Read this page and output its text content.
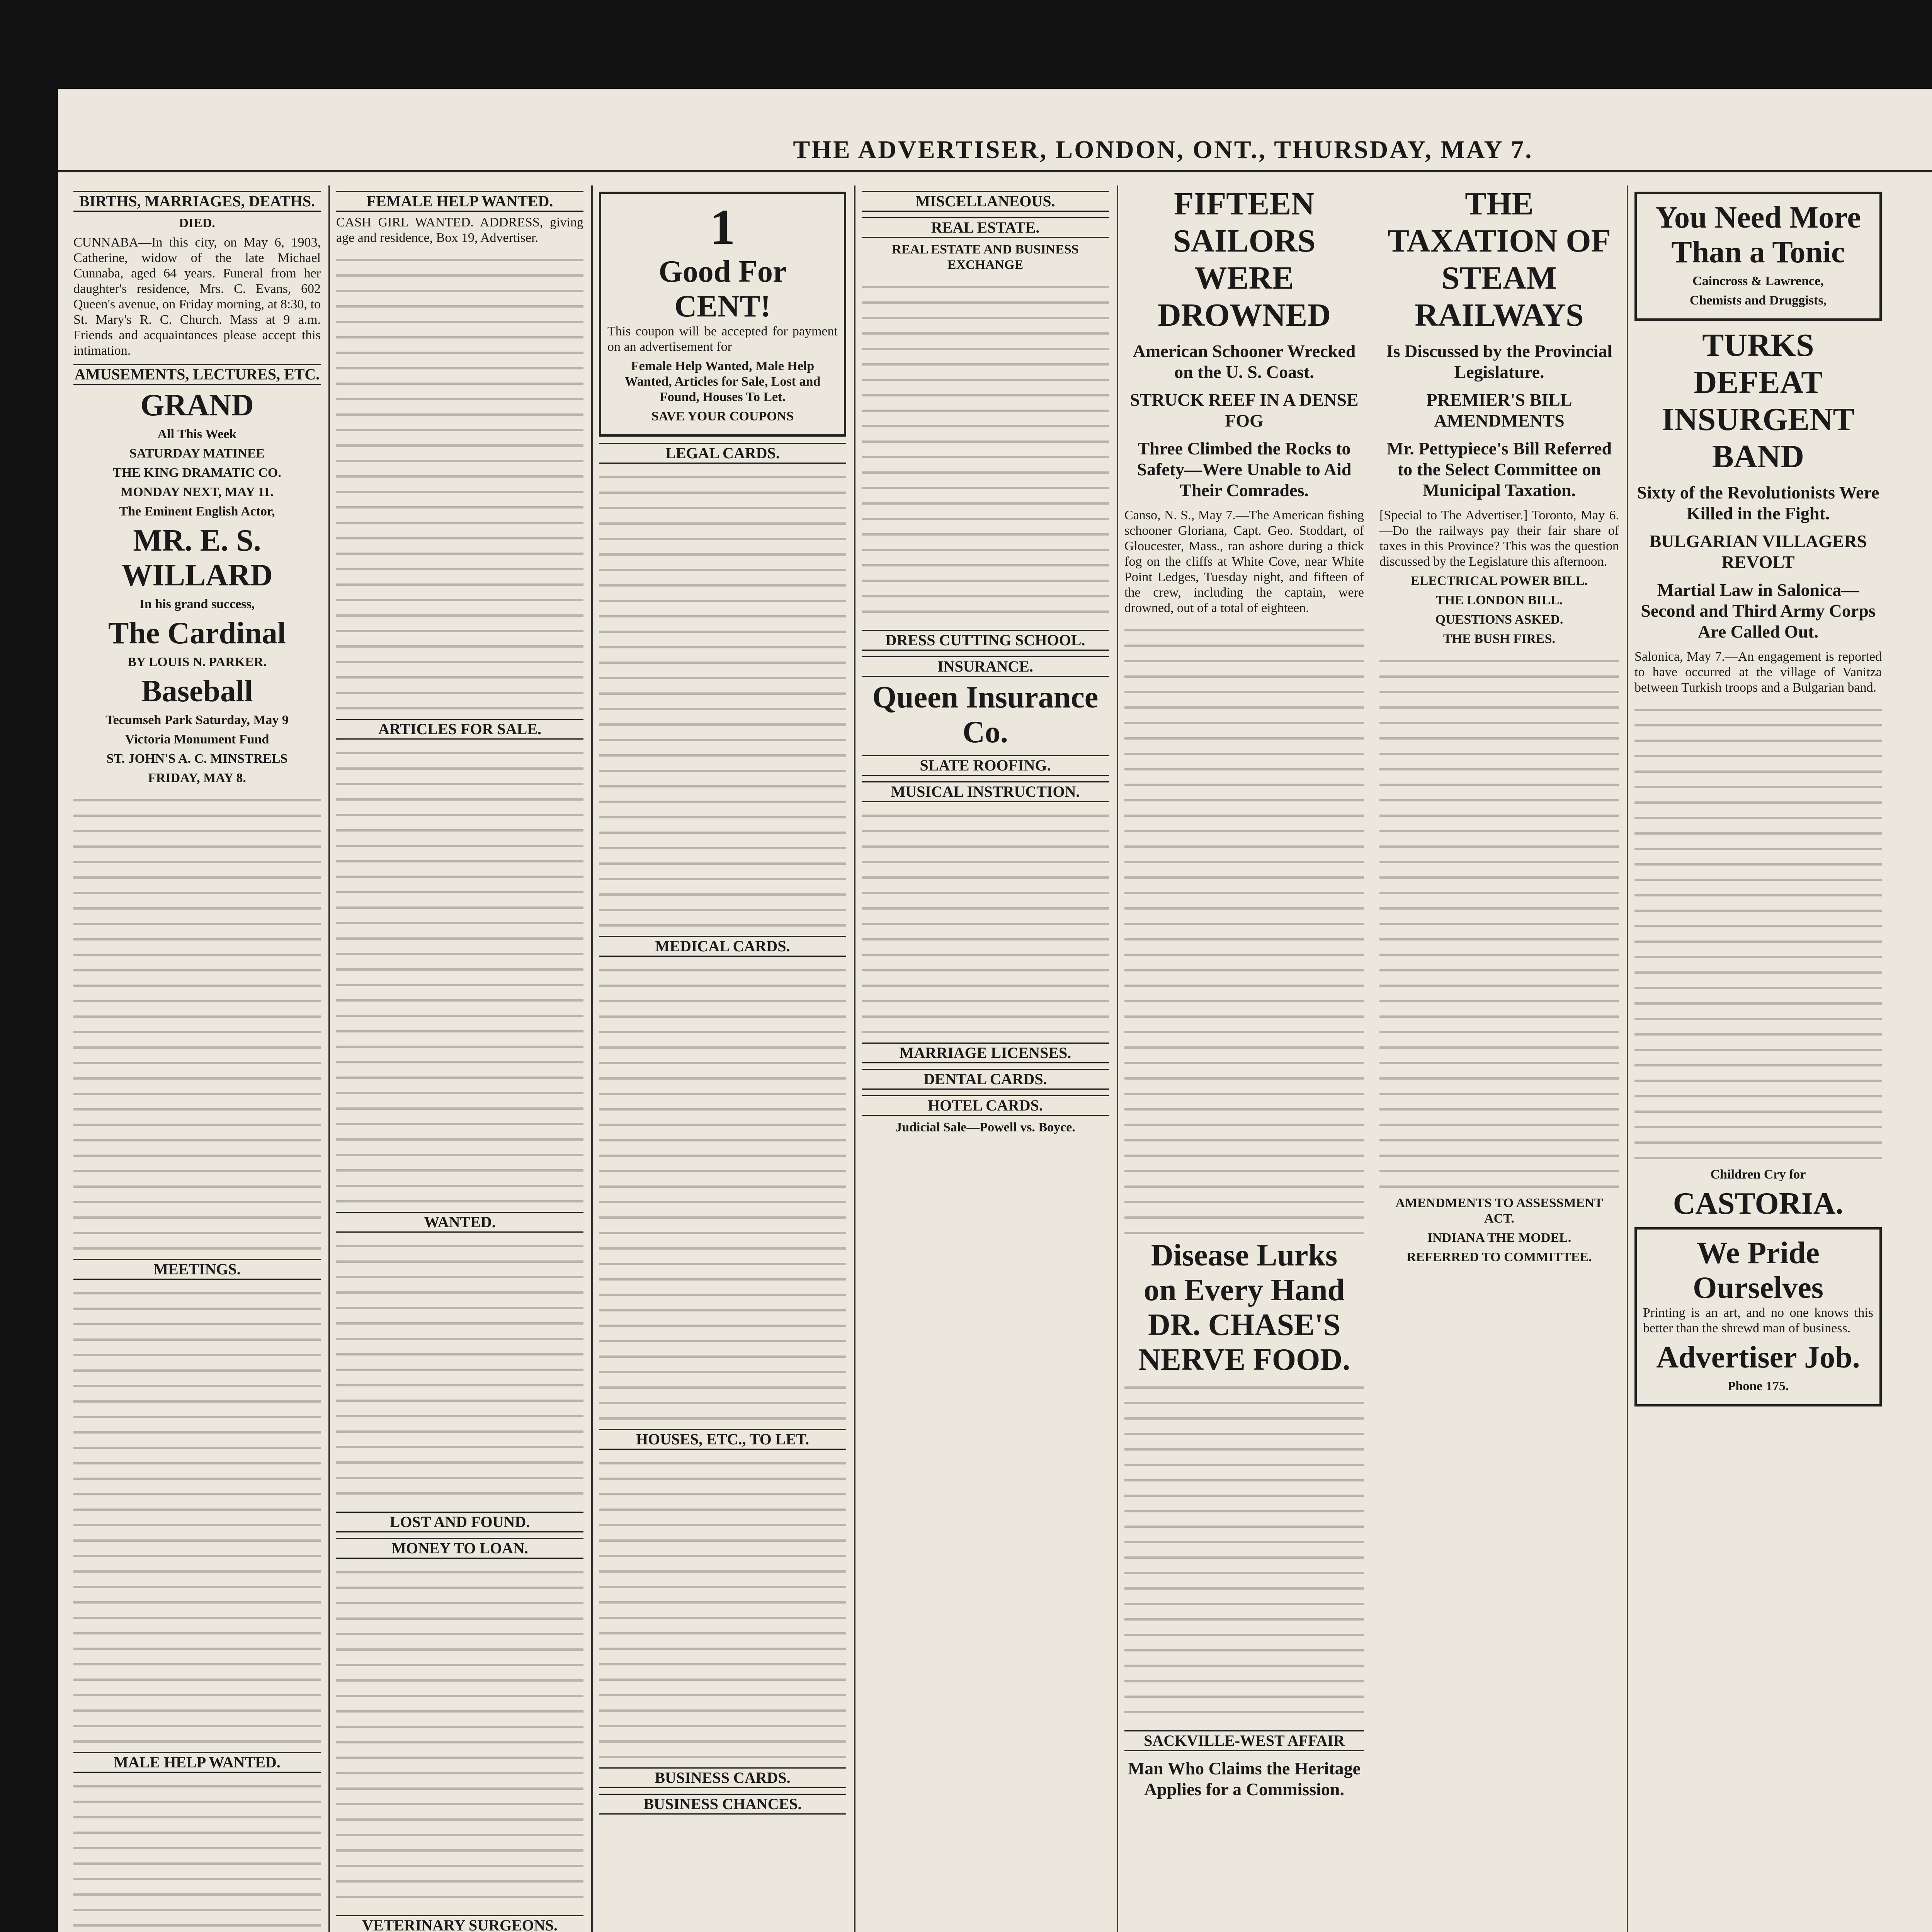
THE ADVERTISER, LONDON, ONT., THURSDAY, MAY 7.
BIRTHS, MARRIAGES, DEATHS.
DIED.

CUNNABA—In this city, on May 6, 1903, Catherine, widow of the late Michael Cunnaba, aged 64 years. Funeral from her daughter's residence, Mrs. C. Evans, 602 Queen's avenue, on Friday morning, at 8:30, to St. Mary's R. C. Church. Mass at 9 a.m. Friends and acquaintances please accept this intimation.

AMUSEMENTS, LECTURES, ETC.
GRAND
All This Week
SATURDAY MATINEE
THE KING DRAMATIC CO.
MONDAY NEXT, MAY 11.
The Eminent English Actor,
MR. E. S. WILLARD
In his grand success,
The Cardinal
BY LOUIS N. PARKER.
Baseball
Tecumseh Park Saturday, May 9
Victoria Monument Fund
ST. JOHN'S A. C. MINSTRELS
FRIDAY, MAY 8.
MEETINGS.
MALE HELP WANTED.
FEMALE HELP WANTED.

CASH GIRL WANTED. ADDRESS, giving age and residence, Box 19, Advertiser.

ARTICLES FOR SALE.
WANTED.
LOST AND FOUND.
MONEY TO LOAN.
VETERINARY SURGEONS.
1
Good For
CENT!

This coupon will be accepted for payment on an advertisement for

Female Help Wanted, Male Help Wanted, Articles for Sale, Lost and Found, Houses To Let.
SAVE YOUR COUPONS
LEGAL CARDS.
MEDICAL CARDS.
HOUSES, ETC., TO LET.
BUSINESS CARDS.
BUSINESS CHANCES.
MISCELLANEOUS.
REAL ESTATE.
REAL ESTATE AND BUSINESS EXCHANGE
DRESS CUTTING SCHOOL.
INSURANCE.
Queen Insurance Co.
SLATE ROOFING.
MUSICAL INSTRUCTION.
MARRIAGE LICENSES.
DENTAL CARDS.
HOTEL CARDS.
Judicial Sale—Powell vs. Boyce.
FIFTEEN SAILORS WERE DROWNED
American Schooner Wrecked on the U. S. Coast.
STRUCK REEF IN A DENSE FOG
Three Climbed the Rocks to Safety—Were Unable to Aid Their Comrades.

Canso, N. S., May 7.—The American fishing schooner Gloriana, Capt. Geo. Stoddart, of Gloucester, Mass., ran ashore during a thick fog on the cliffs at White Cove, near White Point Ledges, Tuesday night, and fifteen of the crew, including the captain, were drowned, out of a total of eighteen.

Disease Lurks
on Every Hand
DR. CHASE'S NERVE FOOD.
SACKVILLE-WEST AFFAIR
Man Who Claims the Heritage Applies for a Commission.
THE TAXATION OF STEAM RAILWAYS
Is Discussed by the Provincial Legislature.
PREMIER'S BILL AMENDMENTS
Mr. Pettypiece's Bill Referred to the Select Committee on Municipal Taxation.

[Special to The Advertiser.] Toronto, May 6.—Do the railways pay their fair share of taxes in this Province? This was the question discussed by the Legislature this afternoon.

ELECTRICAL POWER BILL.
THE LONDON BILL.
QUESTIONS ASKED.
THE BUSH FIRES.
AMENDMENTS TO ASSESSMENT ACT.
INDIANA THE MODEL.
REFERRED TO COMMITTEE.
You Need More Than a Tonic
Caincross & Lawrence,
Chemists and Druggists,
TURKS DEFEAT INSURGENT BAND
Sixty of the Revolutionists Were Killed in the Fight.
BULGARIAN VILLAGERS REVOLT
Martial Law in Salonica—Second and Third Army Corps Are Called Out.

Salonica, May 7.—An engagement is reported to have occurred at the village of Vanitza between Turkish troops and a Bulgarian band.

Children Cry for
CASTORIA.
We Pride Ourselves

Printing is an art, and no one knows this better than the shrewd man of business.

Advertiser Job.
Phone 175.
